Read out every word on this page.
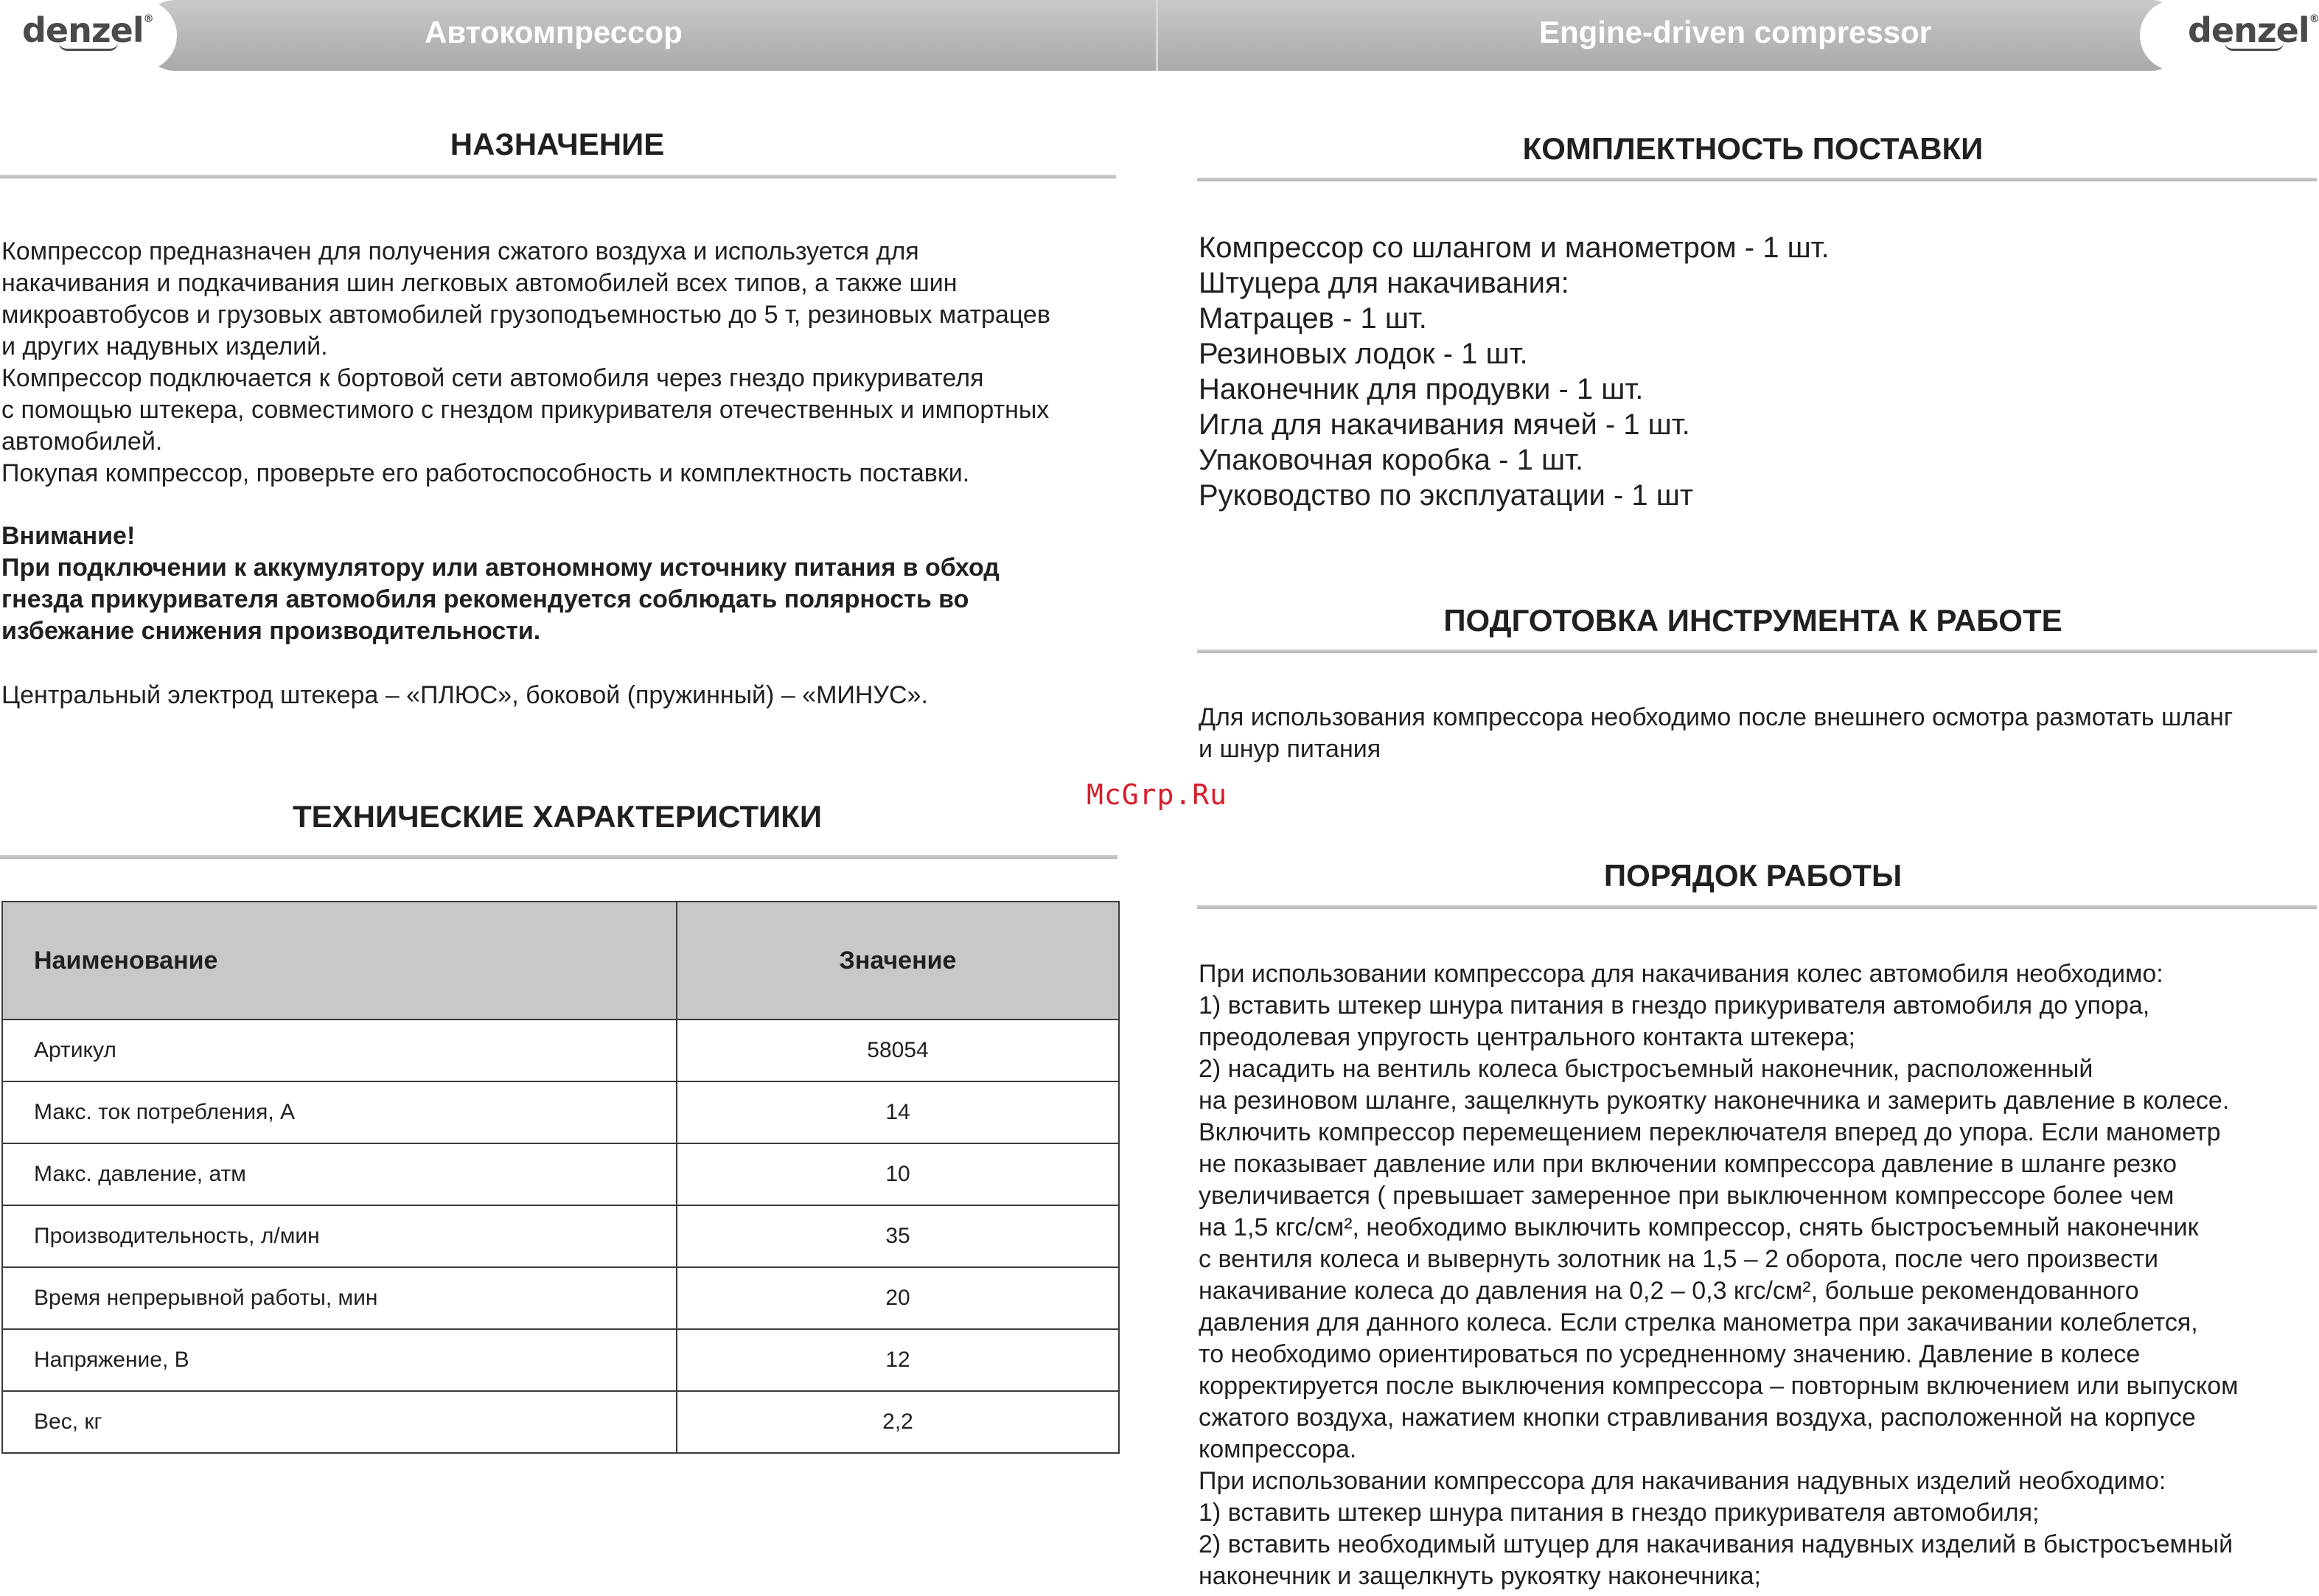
denzel®	denzel®
Автокомпрессор	Engine-driven compressor
НАЗНАЧЕНИЕ

Компрессор предназначен для получения сжатого воздуха и используется для

накачивания и подкачивания шин легковых автомобилей всех типов, а также шин

микроавтобусов и грузовых автомобилей грузоподъемностью до 5 т, резиновых матрацев

и других надувных изделий.

Компрессор подключается к бортовой сети автомобиля через гнездо прикуривателя

с помощью штекера, совместимого с гнездом прикуривателя отечественных и импортных

автомобилей.

Покупая компрессор, проверьте его работоспособность и комплектность поставки.

Внимание!

При подключении к аккумулятору или автономному источнику питания в обход

гнезда прикуривателя автомобиля рекомендуется соблюдать полярность во

избежание снижения производительности.

Центральный электрод штекера – «ПЛЮС», боковой (пружинный) – «МИНУС».
ТЕХНИЧЕСКИЕ ХАРАКТЕРИСТИКИ
Наименование	Значение
Артикул	58054
Макс. ток потребления, А	14
Макс. давление, атм	10
Производительность, л/мин	35
Время непрерывной работы, мин	20
Напряжение, В	12
Вес, кг	2,2
КОМПЛЕКТНОСТЬ ПОСТАВКИ
Компрессор со шлангом и манометром - 1 шт.
Штуцера для накачивания:
Матрацев - 1 шт.
Резиновых лодок - 1 шт.
Наконечник для продувки - 1 шт.
Игла для накачивания мячей - 1 шт.
Упаковочная коробка - 1 шт.
Руководство по эксплуатации - 1 шт
ПОДГОТОВКА ИНСТРУМЕНТА К РАБОТЕ

Для использования компрессора необходимо после внешнего осмотра размотать шланг

и шнур питания

McGrp.Ru
ПОРЯДОК РАБОТЫ

При использовании компрессора для накачивания колес автомобиля необходимо:

1) вставить штекер шнура питания в гнездо прикуривателя автомобиля до упора,

преодолевая упругость центрального контакта штекера;

2) насадить на вентиль колеса быстросъемный наконечник, расположенный

на резиновом шланге, защелкнуть рукоятку наконечника и замерить давление в колесе.

Включить компрессор перемещением переключателя вперед до упора. Если манометр

не показывает давление или при включении компрессора давление в шланге резко

увеличивается ( превышает замеренное при выключенном компрессоре более чем

на 1,5 кгс/см², необходимо выключить компрессор, снять быстросъемный наконечник

с вентиля колеса и вывернуть золотник на 1,5 – 2 оборота, после чего произвести

накачивание колеса до давления на 0,2 – 0,3 кгс/см², больше рекомендованного

давления для данного колеса. Если стрелка манометра при закачивании колеблется,

то необходимо ориентироваться по усредненному значению. Давление в колесе

корректируется после выключения компрессора – повторным включением или выпуском

сжатого воздуха, нажатием кнопки стравливания воздуха, расположенной на корпусе

компрессора.

При использовании компрессора для накачивания надувных изделий необходимо:

1) вставить штекер шнура питания в гнездо прикуривателя автомобиля;

2) вставить необходимый штуцер для накачивания надувных изделий в быстросъемный

наконечник и защелкнуть рукоятку наконечника;
